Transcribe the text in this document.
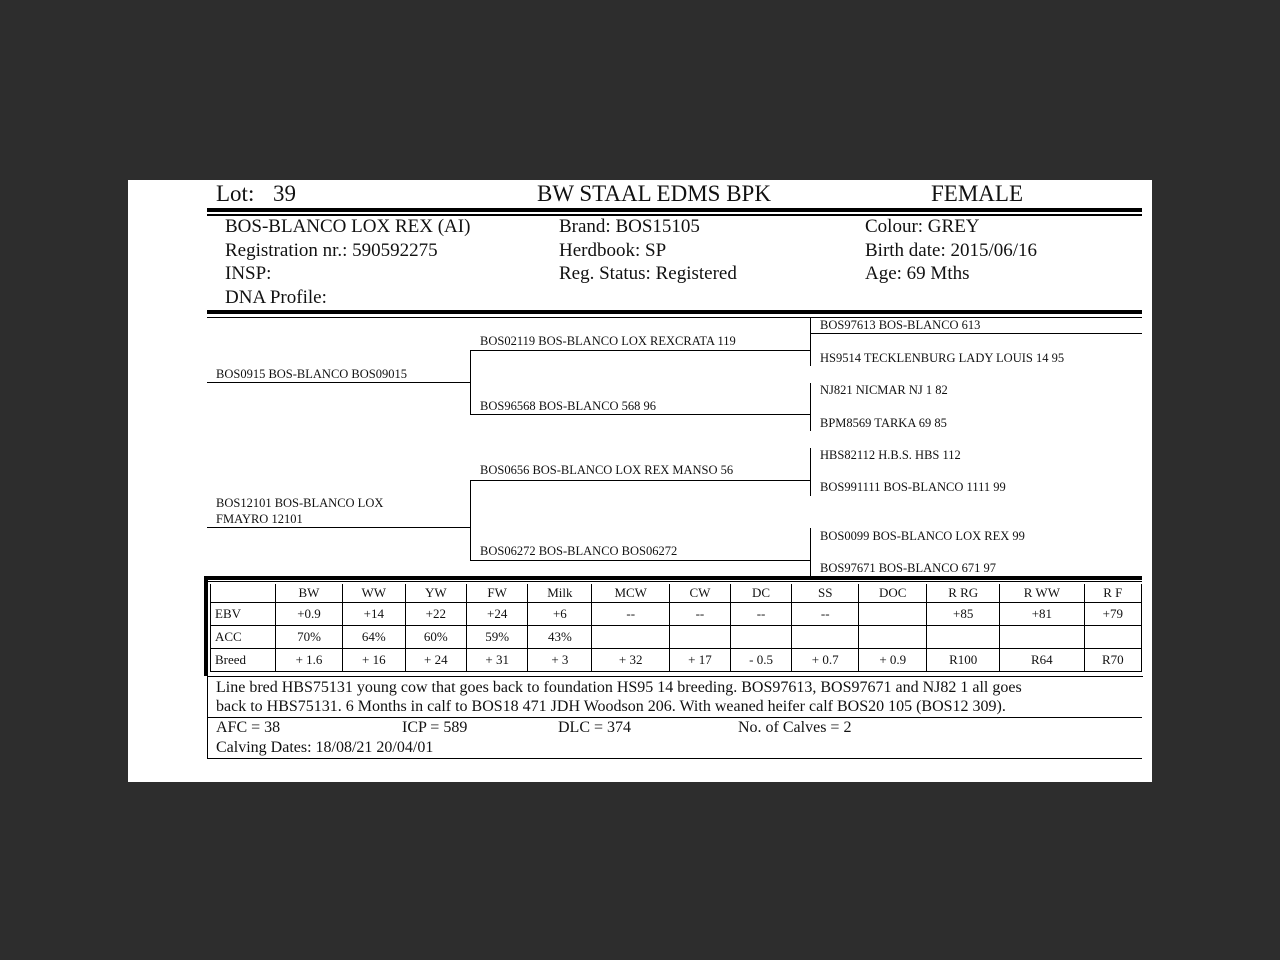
Lot: 39	BW STAAL EDMS BPK	FEMALE
BOS-BLANCO LOX REX (AI)
Registration nr.: 590592275
INSP:
DNA Profile:
Brand: BOS15105
Herdbook: SP
Reg. Status: Registered
Colour: GREY
Birth date: 2015/06/16
Age: 69 Mths
BOS0915 BOS-BLANCO BOS09015
BOS12101 BOS-BLANCO LOX
FMAYRO 12101
BOS02119 BOS-BLANCO LOX REXCRATA 119
BOS96568 BOS-BLANCO 568 96
BOS0656 BOS-BLANCO LOX REX MANSO 56
BOS06272 BOS-BLANCO BOS06272
BOS97613 BOS-BLANCO 613
HS9514 TECKLENBURG LADY LOUIS 14 95
NJ821 NICMAR NJ 1 82
BPM8569 TARKA 69 85
HBS82112 H.B.S. HBS 112
BOS991111 BOS-BLANCO 1111 99
BOS0099 BOS-BLANCO LOX REX 99
BOS97671 BOS-BLANCO 671 97
	BW	WW	YW	FW	Milk	MCW	CW	DC	SS	DOC	R RG	R WW	R F
EBV	+0.9	+14	+22	+24	+6	--	--	--	--		+85	+81	+79
ACC	70%	64%	60%	59%	43%								
Breed	+ 1.6	+ 16	+ 24	+ 31	+ 3	+ 32	+ 17	- 0.5	+ 0.7	+ 0.9	R100	R64	R70
Line bred HBS75131 young cow that goes back to foundation HS95 14 breeding. BOS97613, BOS97671 and NJ82 1 all goes
back to HBS75131. 6 Months in calf to BOS18 471 JDH Woodson 206. With weaned heifer calf BOS20 105 (BOS12 309).
AFC = 38	ICP = 589	DLC = 374	No. of Calves = 2
Calving Dates: 18/08/21 20/04/01
